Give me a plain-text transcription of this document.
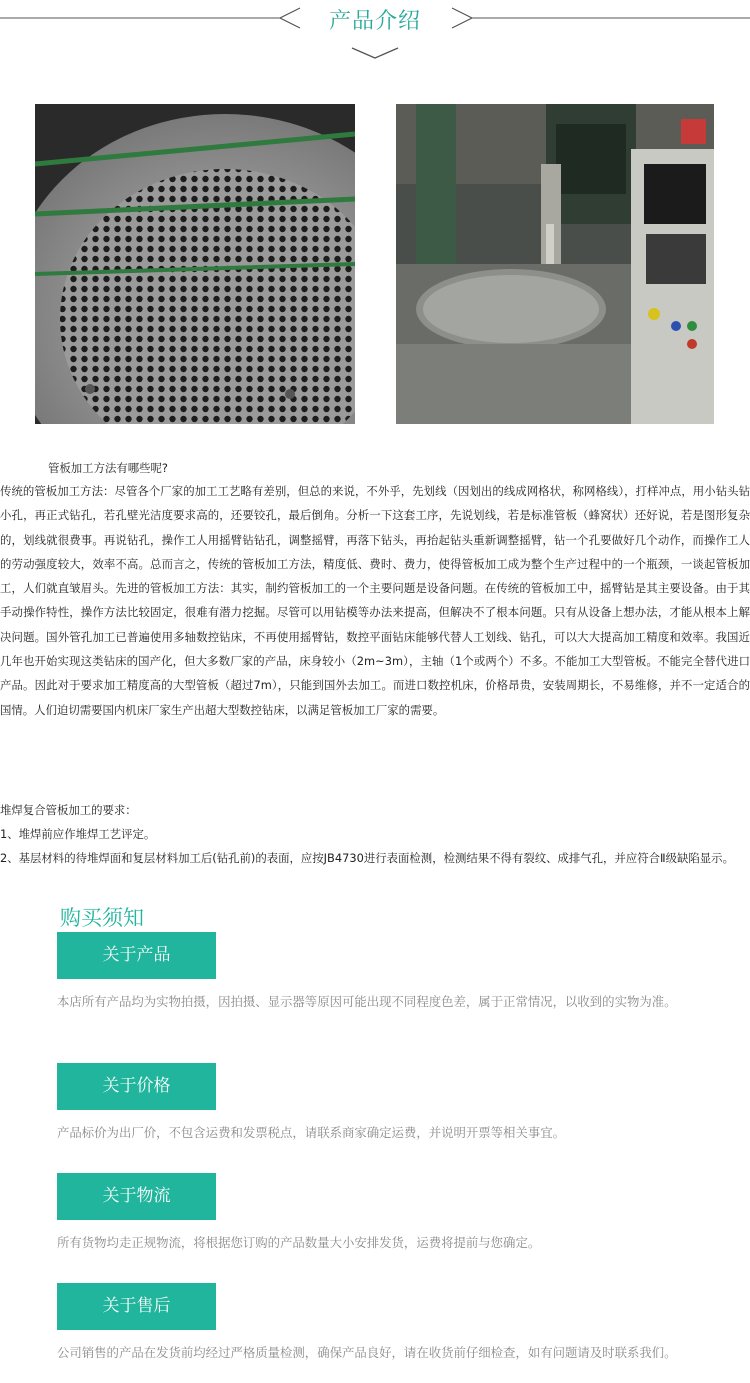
产品介绍
管板加工方法有哪些呢?

传统的管板加工方法：尽管各个厂家的加工工艺略有差别，但总的来说，不外乎，先划线（因划出的线成网格状，称网格线），打样冲点，用小钻头钻小孔，再正式钻孔，若孔壁光洁度要求高的，还要铰孔，最后倒角。分析一下这套工序，先说划线，若是标准管板（蜂窝状）还好说，若是图形复杂的，划线就很费事。再说钻孔，操作工人用摇臂钻钻孔，调整摇臂，再落下钻头，再抬起钻头重新调整摇臂，钻一个孔要做好几个动作，而操作工人的劳动强度较大，效率不高。总而言之，传统的管板加工方法，精度低、费时、费力，使得管板加工成为整个生产过程中的一个瓶颈，一谈起管板加工，人们就直皱眉头。先进的管板加工方法：其实，制约管板加工的一个主要问题是设备问题。在传统的管板加工中，摇臂钻是其主要设备。由于其手动操作特性，操作方法比较固定，很难有潜力挖掘。尽管可以用钻模等办法来提高，但解决不了根本问题。只有从设备上想办法，才能从根本上解决问题。国外管孔加工已普遍使用多轴数控钻床，不再使用摇臂钻，数控平面钻床能够代替人工划线、钻孔，可以大大提高加工精度和效率。我国近几年也开始实现这类钻床的国产化，但大多数厂家的产品，床身较小（2m~3m），主轴（1个或两个）不多。不能加工大型管板。不能完全替代进口产品。因此对于要求加工精度高的大型管板（超过7m），只能到国外去加工。而进口数控机床，价格昂贵，安装周期长，不易维修，并不一定适合的国情。人们迫切需要国内机床厂家生产出超大型数控钻床，以满足管板加工厂家的需要。

堆焊复合管板加工的要求：
1、堆焊前应作堆焊工艺评定。
2、基层材料的待堆焊面和复层材料加工后(钻孔前)的表面，应按JB4730进行表面检测，检测结果不得有裂纹、成排气孔，并应符合Ⅱ级缺陷显示。
购买须知
关于产品
本店所有产品均为实物拍摄，因拍摄、显示器等原因可能出现不同程度色差，属于正常情况，以收到的实物为准。
关于价格
产品标价为出厂价，不包含运费和发票税点，请联系商家确定运费，并说明开票等相关事宜。
关于物流
所有货物均走正规物流，将根据您订购的产品数量大小安排发货，运费将提前与您确定。
关于售后
公司销售的产品在发货前均经过严格质量检测，确保产品良好，请在收货前仔细检查，如有问题请及时联系我们。
